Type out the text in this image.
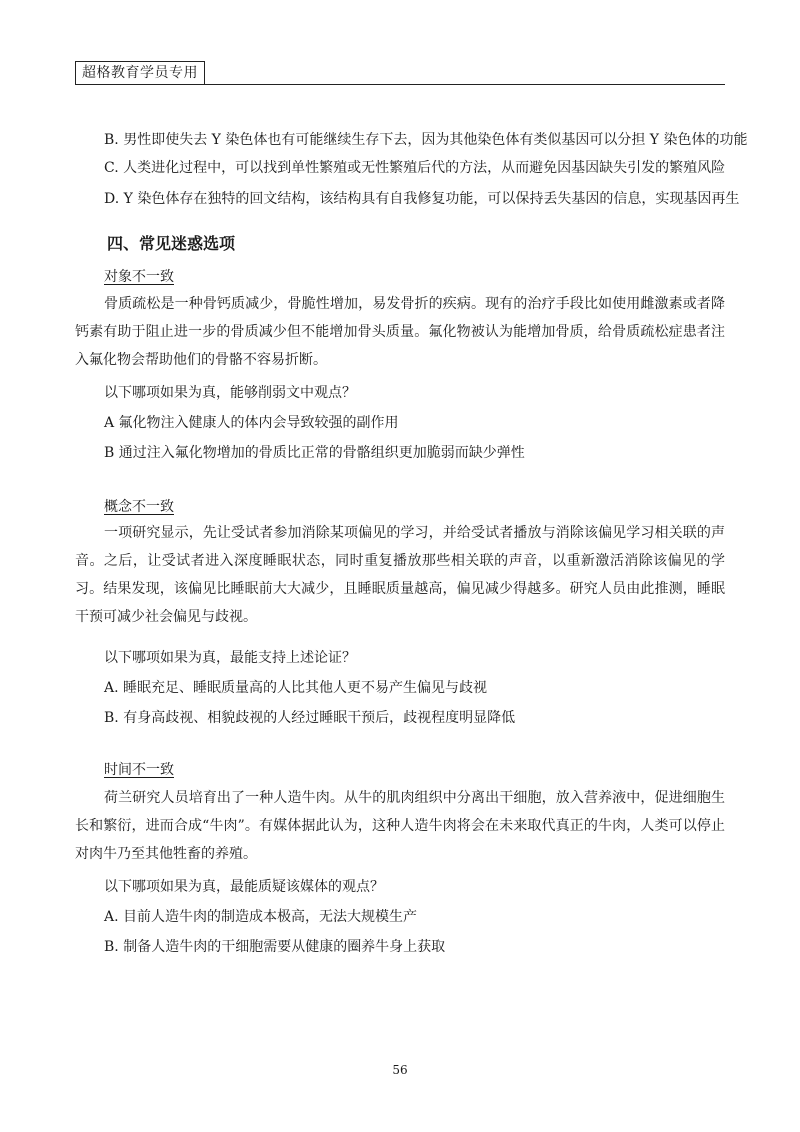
超格教育学员专用
B. 男性即使失去 Y 染色体也有可能继续生存下去，因为其他染色体有类似基因可以分担 Y 染色体的功能
C. 人类进化过程中，可以找到单性繁殖或无性繁殖后代的方法，从而避免因基因缺失引发的繁殖风险
D. Y 染色体存在独特的回文结构，该结构具有自我修复功能，可以保持丢失基因的信息，实现基因再生
四、常见迷惑选项
对象不一致
骨质疏松是一种骨钙质减少，骨脆性增加，易发骨折的疾病。现有的治疗手段比如使用雌激素或者降钙素有助于阻止进一步的骨质减少但不能增加骨头质量。氟化物被认为能增加骨质，给骨质疏松症患者注入氟化物会帮助他们的骨骼不容易折断。
以下哪项如果为真，能够削弱文中观点？
A 氟化物注入健康人的体内会导致较强的副作用
B 通过注入氟化物增加的骨质比正常的骨骼组织更加脆弱而缺少弹性
概念不一致
一项研究显示，先让受试者参加消除某项偏见的学习，并给受试者播放与消除该偏见学习相关联的声音。之后，让受试者进入深度睡眠状态，同时重复播放那些相关联的声音，以重新激活消除该偏见的学习。结果发现，该偏见比睡眠前大大减少，且睡眠质量越高，偏见减少得越多。研究人员由此推测，睡眠干预可减少社会偏见与歧视。
以下哪项如果为真，最能支持上述论证？
A. 睡眠充足、睡眠质量高的人比其他人更不易产生偏见与歧视
B. 有身高歧视、相貌歧视的人经过睡眠干预后，歧视程度明显降低
时间不一致
荷兰研究人员培育出了一种人造牛肉。从牛的肌肉组织中分离出干细胞，放入营养液中，促进细胞生长和繁衍，进而合成“牛肉”。有媒体据此认为，这种人造牛肉将会在未来取代真正的牛肉，人类可以停止对肉牛乃至其他牲畜的养殖。
以下哪项如果为真，最能质疑该媒体的观点？
A. 目前人造牛肉的制造成本极高，无法大规模生产
B. 制备人造牛肉的干细胞需要从健康的圈养牛身上获取
56
